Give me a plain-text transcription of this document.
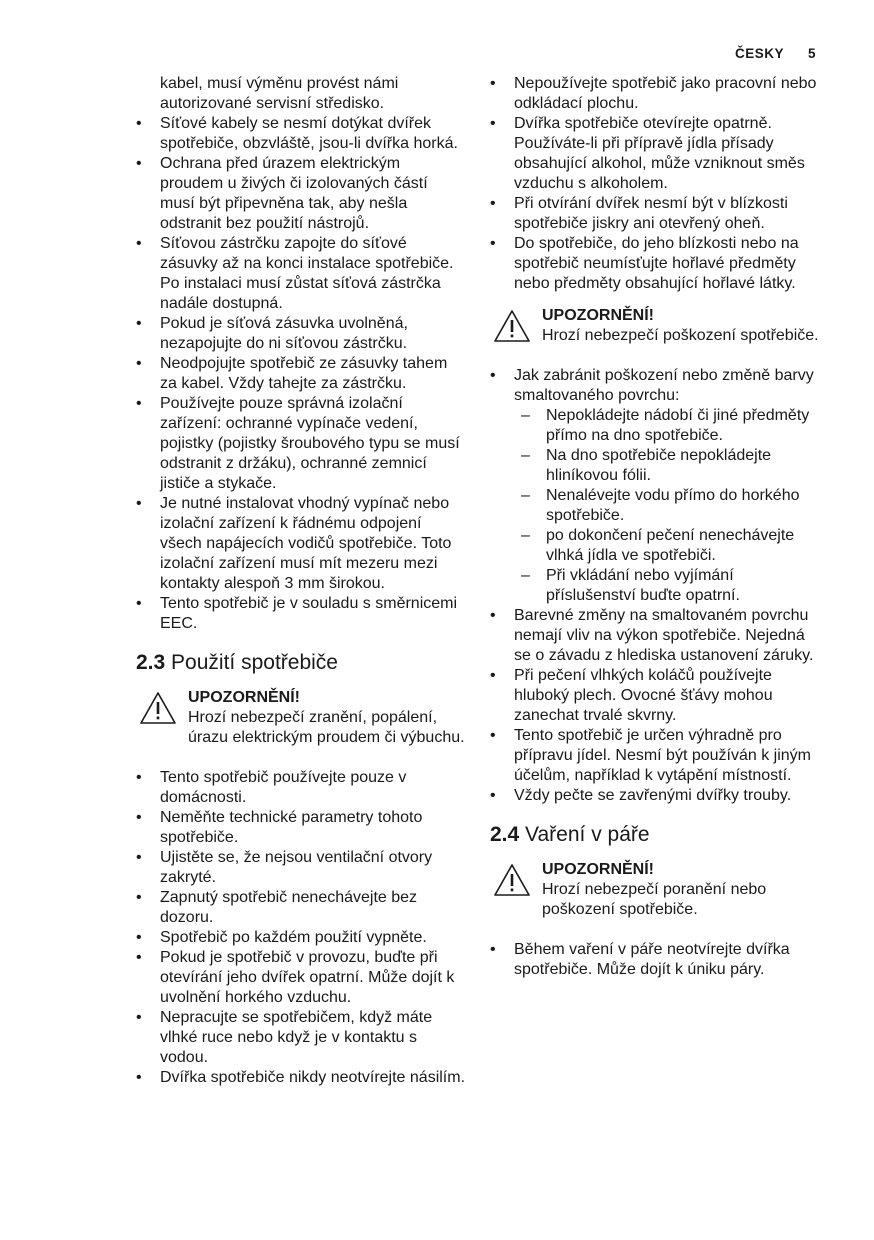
ČESKY 5
kabel, musí výměnu provést námi autorizované servisní středisko.
• Síťové kabely se nesmí dotýkat dvířek spotřebiče, obzvláště, jsou-li dvířka horká.
• Ochrana před úrazem elektrickým proudem u živých či izolovaných částí musí být připevněna tak, aby nešla odstranit bez použití nástrojů.
• Síťovou zástrčku zapojte do síťové zásuvky až na konci instalace spotřebiče. Po instalaci musí zůstat síťová zástrčka nadále dostupná.
• Pokud je síťová zásuvka uvolněná, nezapojujte do ni síťovou zástrčku.
• Neodpojujte spotřebič ze zásuvky tahem za kabel. Vždy tahejte za zástrčku.
• Používejte pouze správná izolační zařízení: ochranné vypínače vedení, pojistky (pojistky šroubového typu se musí odstranit z držáku), ochranné zemnicí jističe a stykače.
• Je nutné instalovat vhodný vypínač nebo izolační zařízení k řádnému odpojení všech napájecích vodičů spotřebiče. Toto izolační zařízení musí mít mezeru mezi kontakty alespoň 3 mm širokou.
• Tento spotřebič je v souladu s směrnicemi EEC.
2.3 Použití spotřebiče
UPOZORNĚNÍ!
Hrozí nebezpečí zranění, popálení, úrazu elektrickým proudem či výbuchu.
• Tento spotřebič používejte pouze v domácnosti.
• Neměňte technické parametry tohoto spotřebiče.
• Ujistěte se, že nejsou ventilační otvory zakryté.
• Zapnutý spotřebič nenechávejte bez dozoru.
• Spotřebič po každém použití vypněte.
• Pokud je spotřebič v provozu, buďte při otevírání jeho dvířek opatrní. Může dojít k uvolnění horkého vzduchu.
• Nepracujte se spotřebičem, když máte vlhké ruce nebo když je v kontaktu s vodou.
• Dvířka spotřebiče nikdy neotvírejte násilím.
• Nepoužívejte spotřebič jako pracovní nebo odkládací plochu.
• Dvířka spotřebiče otevírejte opatrně. Používáte-li při přípravě jídla přísady obsahující alkohol, může vzniknout směs vzduchu s alkoholem.
• Při otvírání dvířek nesmí být v blízkosti spotřebiče jiskry ani otevřený oheň.
• Do spotřebiče, do jeho blízkosti nebo na spotřebič neumísťujte hořlavé předměty nebo předměty obsahující hořlavé látky.
UPOZORNĚNÍ!
Hrozí nebezpečí poškození spotřebiče.
• Jak zabránit poškození nebo změně barvy smaltovaného povrchu:
– Nepokládejte nádobí či jiné předměty přímo na dno spotřebiče.
– Na dno spotřebiče nepokládejte hliníkovou fólii.
– Nenalévejte vodu přímo do horkého spotřebiče.
– po dokončení pečení nenechávejte vlhká jídla ve spotřebiči.
– Při vkládání nebo vyjímání příslušenství buďte opatrní.
• Barevné změny na smaltovaném povrchu nemají vliv na výkon spotřebiče. Nejedná se o závadu z hlediska ustanovení záruky.
• Při pečení vlhkých koláčů používejte hluboký plech. Ovocné šťávy mohou zanechat trvalé skvrny.
• Tento spotřebič je určen výhradně pro přípravu jídel. Nesmí být používán k jiným účelům, například k vytápění místností.
• Vždy pečte se zavřenými dvířky trouby.
2.4 Vaření v páře
UPOZORNĚNÍ!
Hrozí nebezpečí poranění nebo poškození spotřebiče.
• Během vaření v páře neotvírejte dvířka spotřebiče. Může dojít k úniku páry.
